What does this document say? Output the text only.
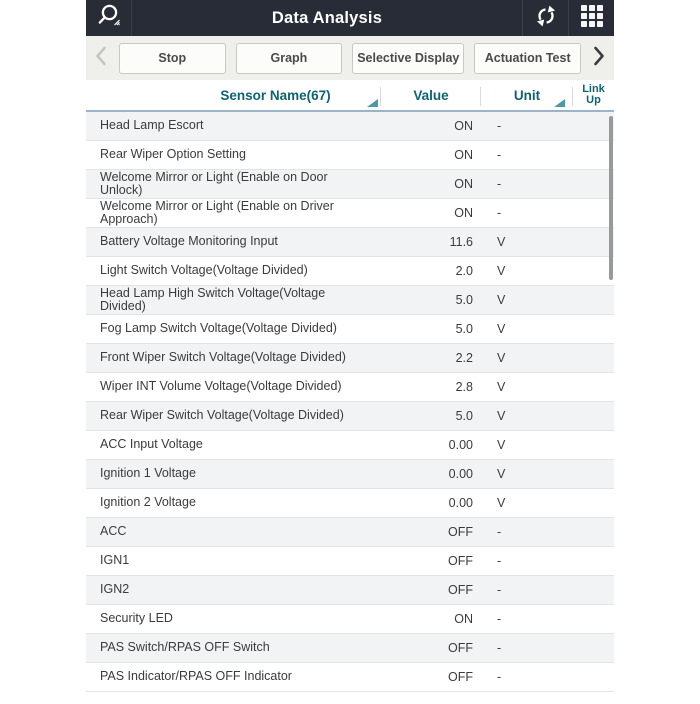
Data Analysis
Stop	Graph	Selective Display	Actuation Test
Sensor Name(67)	Value	Unit	Link Up
Head Lamp Escort	ON	-
Rear Wiper Option Setting	ON	-
Welcome Mirror or Light (Enable on Door Unlock)	ON	-
Welcome Mirror or Light (Enable on Driver Approach)	ON	-
Battery Voltage Monitoring Input	11.6	V
Light Switch Voltage(Voltage Divided)	2.0	V
Head Lamp High Switch Voltage(Voltage Divided)	5.0	V
Fog Lamp Switch Voltage(Voltage Divided)	5.0	V
Front Wiper Switch Voltage(Voltage Divided)	2.2	V
Wiper INT Volume Voltage(Voltage Divided)	2.8	V
Rear Wiper Switch Voltage(Voltage Divided)	5.0	V
ACC Input Voltage	0.00	V
Ignition 1 Voltage	0.00	V
Ignition 2 Voltage	0.00	V
ACC	OFF	-
IGN1	OFF	-
IGN2	OFF	-
Security LED	ON	-
PAS Switch/RPAS OFF Switch	OFF	-
PAS Indicator/RPAS OFF Indicator	OFF	-
